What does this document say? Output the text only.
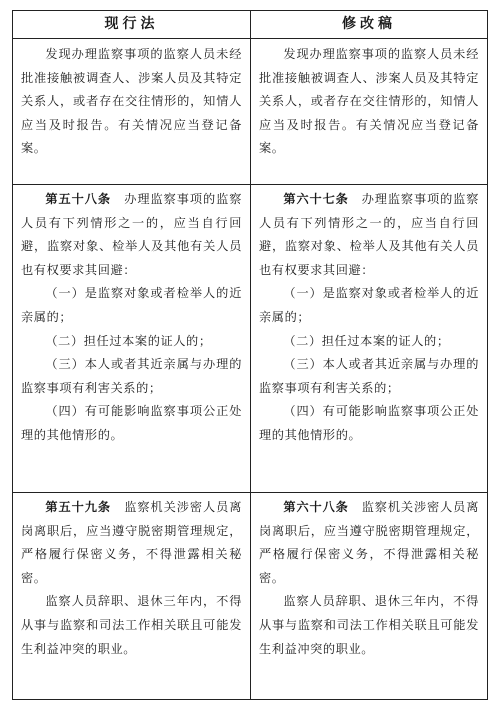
现行法	修改稿

发现办理监察事项的监察人员未经批准接触被调查人、涉案人员及其特定关系人，或者存在交往情形的，知情人应当及时报告。有关情况应当登记备案。

发现办理监察事项的监察人员未经批准接触被调查人、涉案人员及其特定关系人，或者存在交往情形的，知情人应当及时报告。有关情况应当登记备案。

第五十八条　 办理监察事项的监察人员有下列情形之一的，应当自行回避，监察对象、检举人及其他有关人员也有权要求其回避：

（一）是监察对象或者检举人的近亲属的；

（二）担任过本案的证人的；

（三）本人或者其近亲属与办理的监察事项有利害关系的；

（四）有可能影响监察事项公正处理的其他情形的。

第六十七条　 办理监察事项的监察人员有下列情形之一的，应当自行回避，监察对象、检举人及其他有关人员也有权要求其回避：

（一）是监察对象或者检举人的近亲属的；

（二）担任过本案的证人的；

（三）本人或者其近亲属与办理的监察事项有利害关系的；

（四）有可能影响监察事项公正处理的其他情形的。

第五十九条　 监察机关涉密人员离岗离职后，应当遵守脱密期管理规定，严格履行保密义务，不得泄露相关秘密。

监察人员辞职、退休三年内，不得从事与监察和司法工作相关联且可能发生利益冲突的职业。

第六十八条　 监察机关涉密人员离岗离职后，应当遵守脱密期管理规定，严格履行保密义务，不得泄露相关秘密。

监察人员辞职、退休三年内，不得从事与监察和司法工作相关联且可能发生利益冲突的职业。
